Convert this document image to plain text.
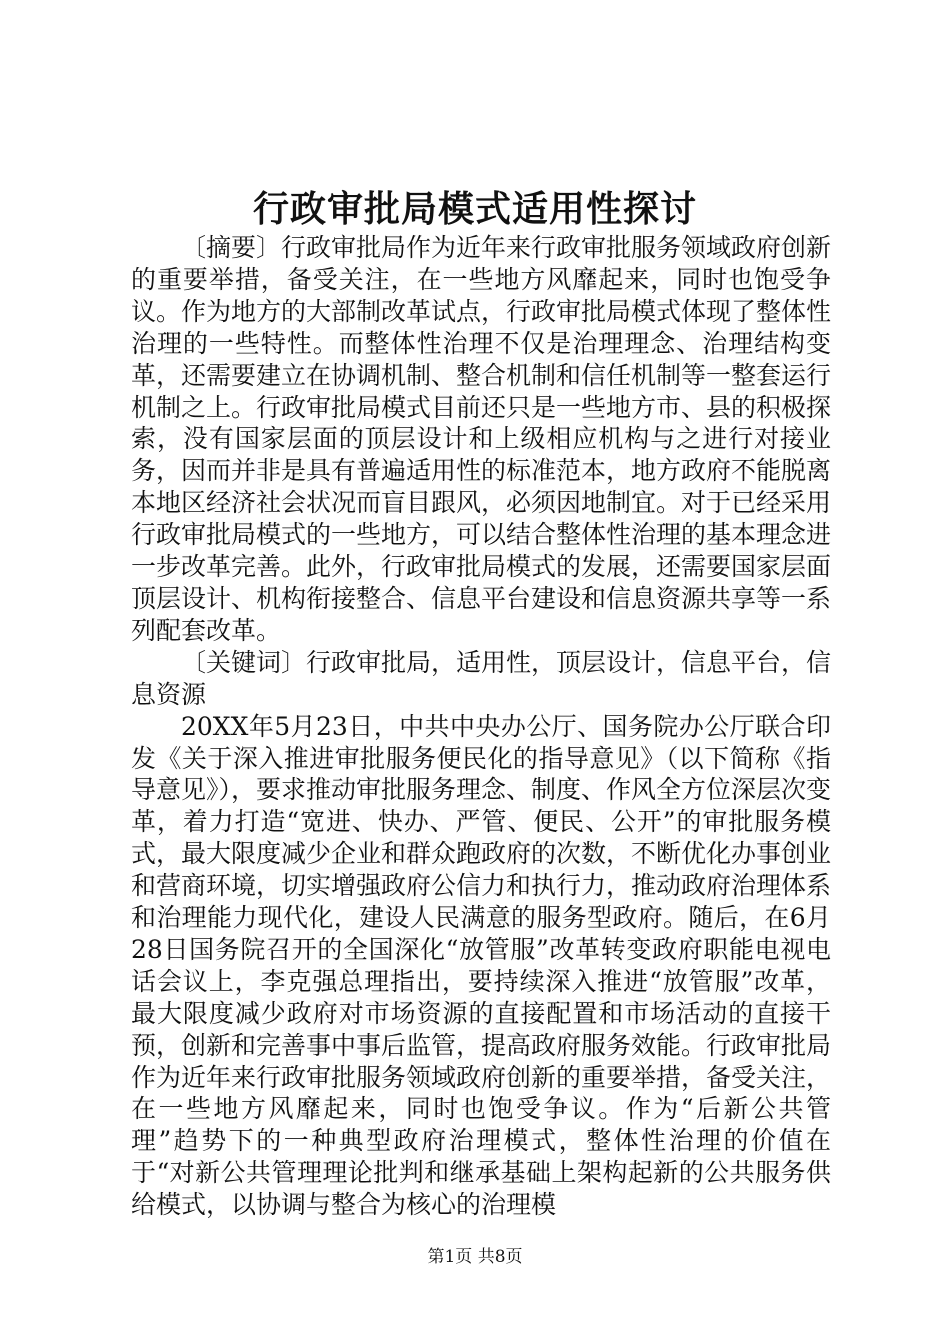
行政审批局模式适用性探讨

〔摘要〕行政审批局作为近年来行政审批服务领域政府创新的重要举措，备受关注，在一些地方风靡起来，同时也饱受争议。作为地方的大部制改革试点，行政审批局模式体现了整体性治理的一些特性。而整体性治理不仅是治理理念、治理结构变革，还需要建立在协调机制、整合机制和信任机制等一整套运行机制之上。行政审批局模式目前还只是一些地方市、县的积极探索，没有国家层面的顶层设计和上级相应机构与之进行对接业务，因而并非是具有普遍适用性的标准范本，地方政府不能脱离本地区经济社会状况而盲目跟风，必须因地制宜。对于已经采用行政审批局模式的一些地方，可以结合整体性治理的基本理念进一步改革完善。此外，行政审批局模式的发展，还需要国家层面顶层设计、机构衔接整合、信息平台建设和信息资源共享等一系列配套改革。

〔关键词〕行政审批局，适用性，顶层设计，信息平台，信息资源

20XX年5月23日，中共中央办公厅、国务院办公厅联合印发《关于深入推进审批服务便民化的指导意见》（以下简称《指导意见》），要求推动审批服务理念、制度、作风全方位深层次变革，着力打造“宽进、快办、严管、便民、公开”的审批服务模式，最大限度减少企业和群众跑政府的次数，不断优化办事创业和营商环境，切实增强政府公信力和执行力，推动政府治理体系和治理能力现代化，建设人民满意的服务型政府。随后，在6月28日国务院召开的全国深化“放管服”改革转变政府职能电视电话会议上，李克强总理指出，要持续深入推进“放管服”改革，最大限度减少政府对市场资源的直接配置和市场活动的直接干预，创新和完善事中事后监管，提高政府服务效能。行政审批局作为近年来行政审批服务领域政府创新的重要举措，备受关注，在一些地方风靡起来，同时也饱受争议。作为“后新公共管理”趋势下的一种典型政府治理模式，整体性治理的价值在于“对新公共管理理论批判和继承基础上架构起新的公共服务供给模式，以协调与整合为核心的治理模

第1页 共8页
